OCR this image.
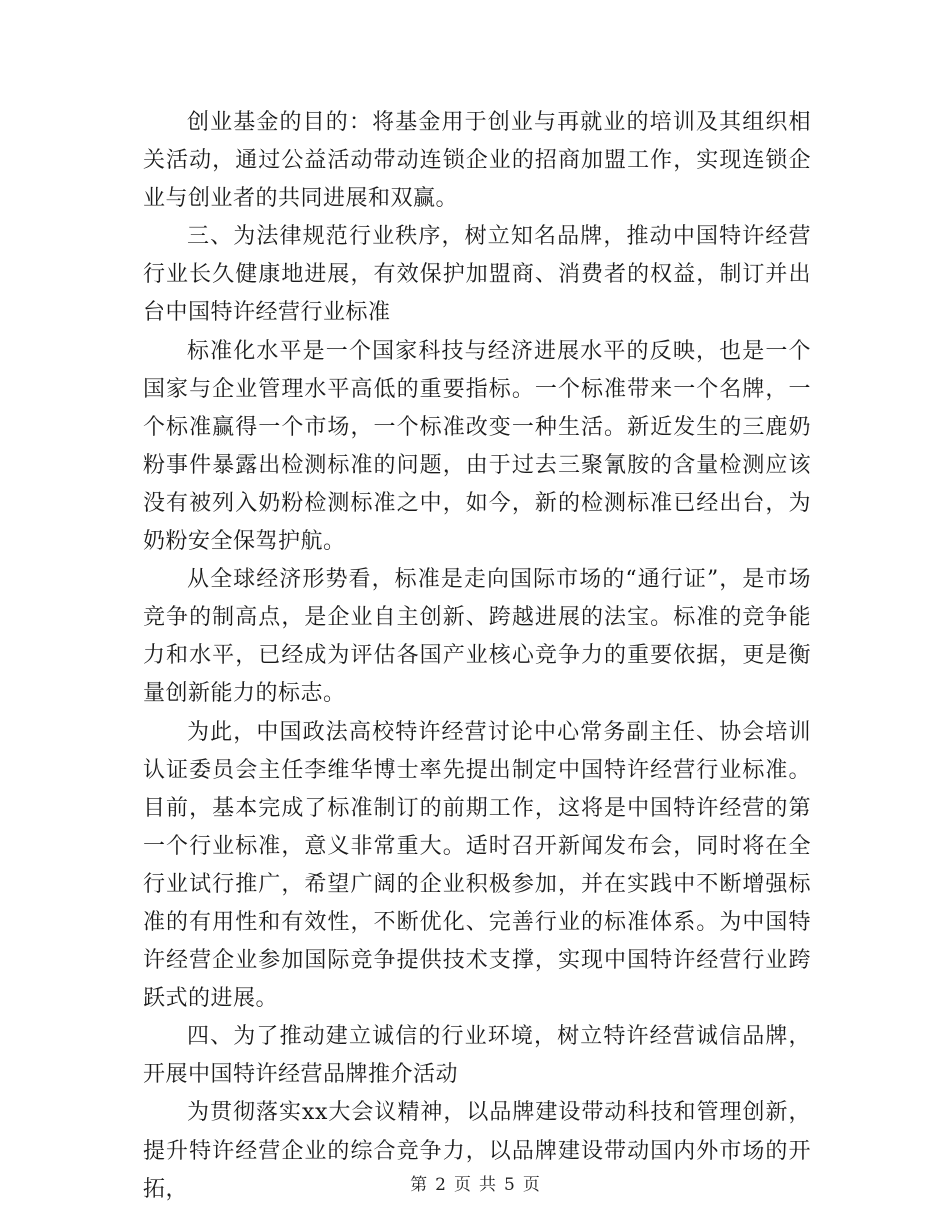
创业基金的目的：将基金用于创业与再就业的培训及其组织相关活动，通过公益活动带动连锁企业的招商加盟工作，实现连锁企业与创业者的共同进展和双赢。

三、为法律规范行业秩序，树立知名品牌，推动中国特许经营行业长久健康地进展，有效保护加盟商、消费者的权益，制订并出台中国特许经营行业标准

标准化水平是一个国家科技与经济进展水平的反映，也是一个国家与企业管理水平高低的重要指标。一个标准带来一个名牌，一个标准赢得一个市场，一个标准改变一种生活。新近发生的三鹿奶粉事件暴露出检测标准的问题，由于过去三聚氰胺的含量检测应该没有被列入奶粉检测标准之中，如今，新的检测标准已经出台，为奶粉安全保驾护航。

从全球经济形势看，标准是走向国际市场的“通行证”，是市场竞争的制高点，是企业自主创新、跨越进展的法宝。标准的竞争能力和水平，已经成为评估各国产业核心竞争力的重要依据，更是衡量创新能力的标志。

为此，中国政法高校特许经营讨论中心常务副主任、协会培训认证委员会主任李维华博士率先提出制定中国特许经营行业标准。目前，基本完成了标准制订的前期工作，这将是中国特许经营的第一个行业标准，意义非常重大。适时召开新闻发布会，同时将在全行业试行推广，希望广阔的企业积极参加，并在实践中不断增强标准的有用性和有效性，不断优化、完善行业的标准体系。为中国特许经营企业参加国际竞争提供技术支撑，实现中国特许经营行业跨跃式的进展。

四、为了推动建立诚信的行业环境，树立特许经营诚信品牌，开展中国特许经营品牌推介活动

为贯彻落实xx大会议精神，以品牌建设带动科技和管理创新，提升特许经营企业的综合竞争力，以品牌建设带动国内外市场的开拓，	第 2 页 共 5 页
